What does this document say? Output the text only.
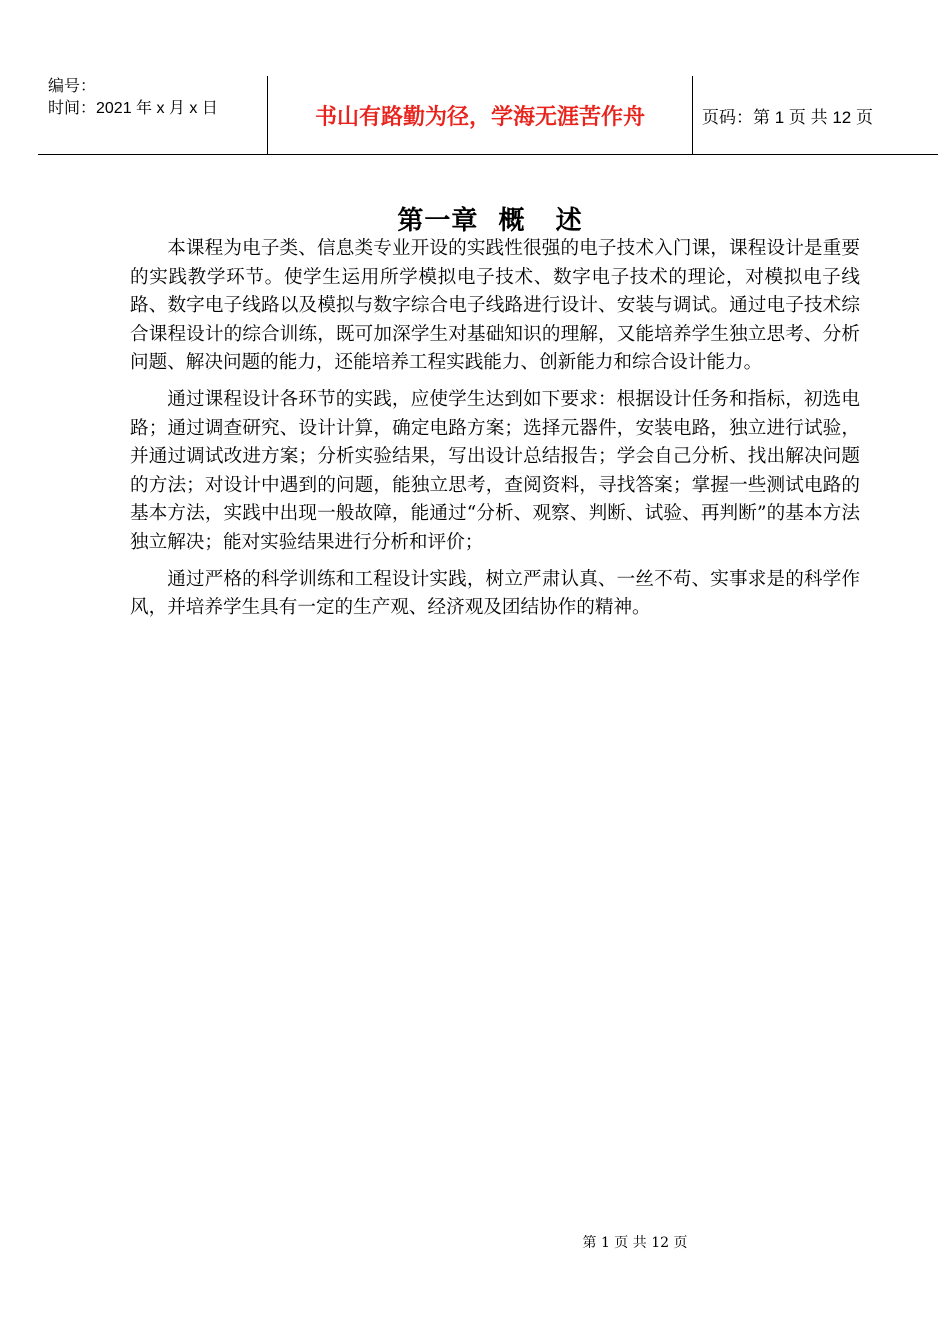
编号：
时间：2021 年 x 月 x 日	书山有路勤为径，学海无涯苦作舟	页码：第 1 页 共 12 页
第一章  概   述

本课程为电子类、信息类专业开设的实践性很强的电子技术入门课，课程设计是重要的实践教学环节。使学生运用所学模拟电子技术、数字电子技术的理论，对模拟电子线路、数字电子线路以及模拟与数字综合电子线路进行设计、安装与调试。通过电子技术综合课程设计的综合训练，既可加深学生对基础知识的理解，又能培养学生独立思考、分析问题、解决问题的能力，还能培养工程实践能力、创新能力和综合设计能力。

通过课程设计各环节的实践，应使学生达到如下要求：根据设计任务和指标，初选电路；通过调查研究、设计计算，确定电路方案；选择元器件，安装电路，独立进行试验，并通过调试改进方案；分析实验结果，写出设计总结报告；学会自己分析、找出解决问题的方法；对设计中遇到的问题，能独立思考，查阅资料，寻找答案；掌握一些测试电路的基本方法，实践中出现一般故障，能通过“分析、观察、判断、试验、再判断”的基本方法独立解决；能对实验结果进行分析和评价；

通过严格的科学训练和工程设计实践，树立严肃认真、一丝不苟、实事求是的科学作风，并培养学生具有一定的生产观、经济观及团结协作的精神。

第 1 页 共 12 页
